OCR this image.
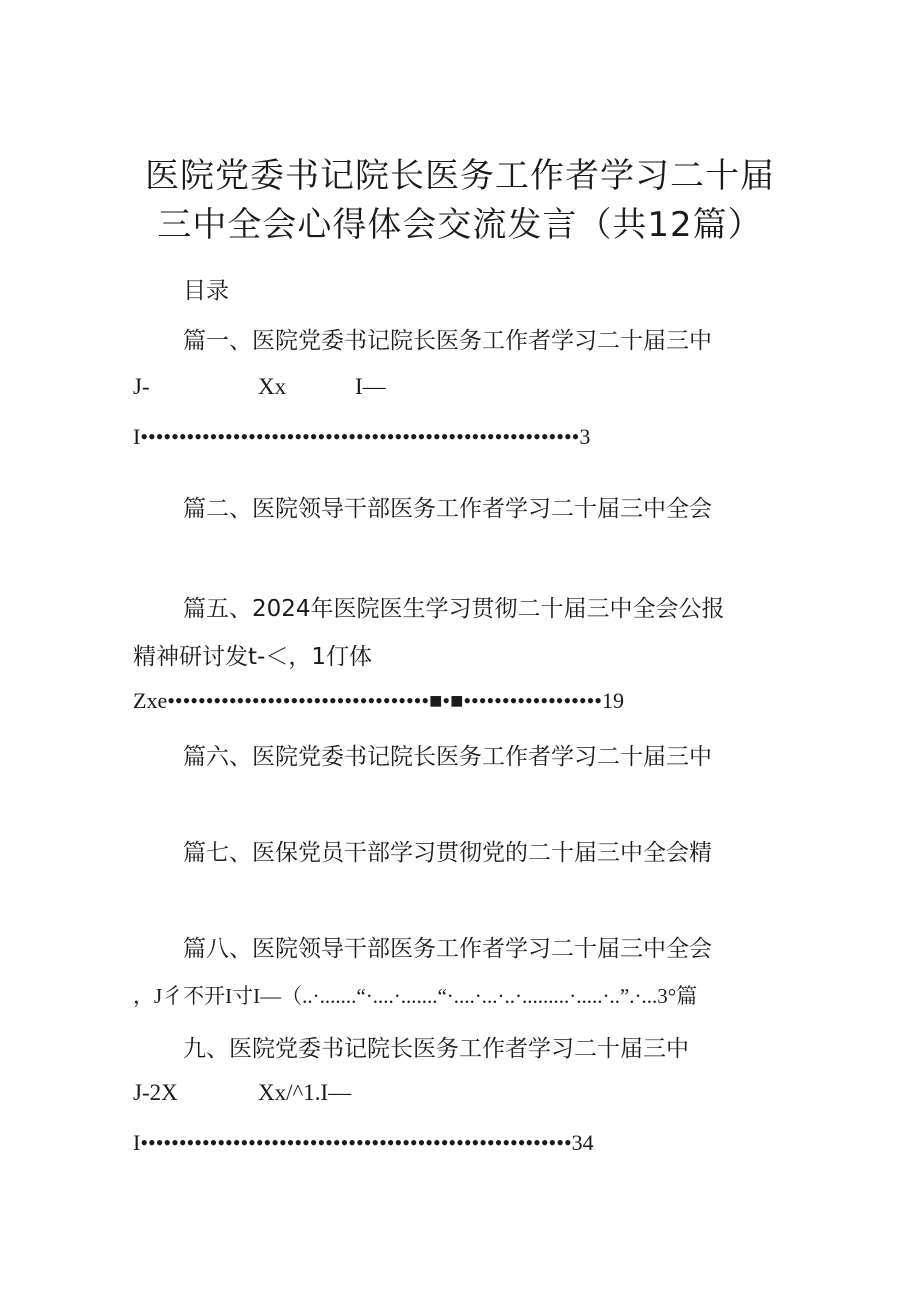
医院党委书记院长医务工作者学习二十届
三中全会心得体会交流发言（共12篇）
目录
篇一、医院党委书记院长医务工作者学习二十届三中
J-	Xx	I—
I•••••••••••••••••••••••••••••••••••••••••••••••••••••••••3
篇二、医院领导干部医务工作者学习二十届三中全会
篇五、2024年医院医生学习贯彻二十届三中全会公报
精神研讨发t-＜，1仃体
Zxe••••••••••••••••••••••••••••••••••■•■••••••••••••••••••19
篇六、医院党委书记院长医务工作者学习二十届三中
篇七、医保党员干部学习贯彻党的二十届三中全会精
篇八、医院领导干部医务工作者学习二十届三中全会
，J彳不开I寸I—（..·.......“·....·.......“·....·...·..·.........·.....·..”.·...3°篇
九、医院党委书记院长医务工作者学习二十届三中
J-2X	Xx/^1.I—
I••••••••••••••••••••••••••••••••••••••••••••••••••••••••34
